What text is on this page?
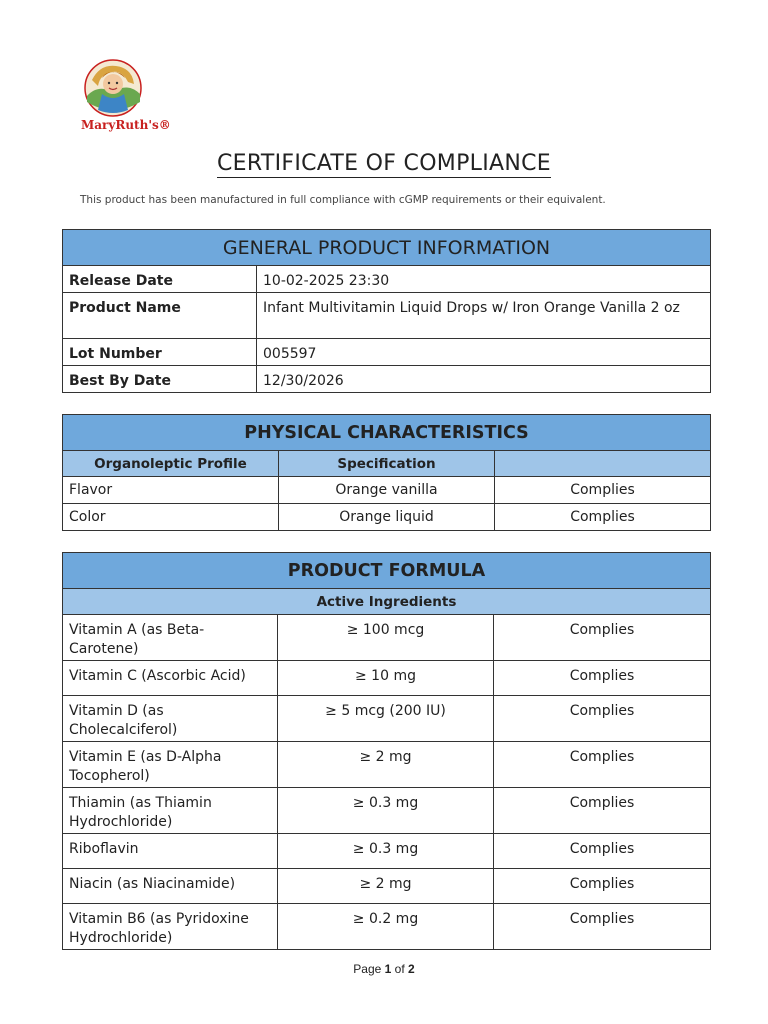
MaryRuth's®
CERTIFICATE OF COMPLIANCE
This product has been manufactured in full compliance with cGMP requirements or their equivalent.
GENERAL PRODUCT INFORMATION	
Release Date	10-02-2025 23:30
Product Name	Infant Multivitamin Liquid Drops w/ Iron Orange Vanilla 2 oz
Lot Number	005597
Best By Date	12/30/2026
PHYSICAL CHARACTERISTICS		
Organoleptic Profile	Specification	
Flavor	Orange vanilla	Complies
Color	Orange liquid	Complies
PRODUCT FORMULA		
Active Ingredients		
Vitamin A (as Beta-Carotene)	≥ 100 mcg	Complies
Vitamin C (Ascorbic Acid)	≥ 10 mg	Complies
Vitamin D (as Cholecalciferol)	≥ 5 mcg (200 IU)	Complies
Vitamin E (as D-Alpha Tocopherol)	≥ 2 mg	Complies
Thiamin (as Thiamin Hydrochloride)	≥ 0.3 mg	Complies
Riboflavin	≥ 0.3 mg	Complies
Niacin (as Niacinamide)	≥ 2 mg	Complies
Vitamin B6 (as Pyridoxine Hydrochloride)	≥ 0.2 mg	Complies
Page 1 of 2
